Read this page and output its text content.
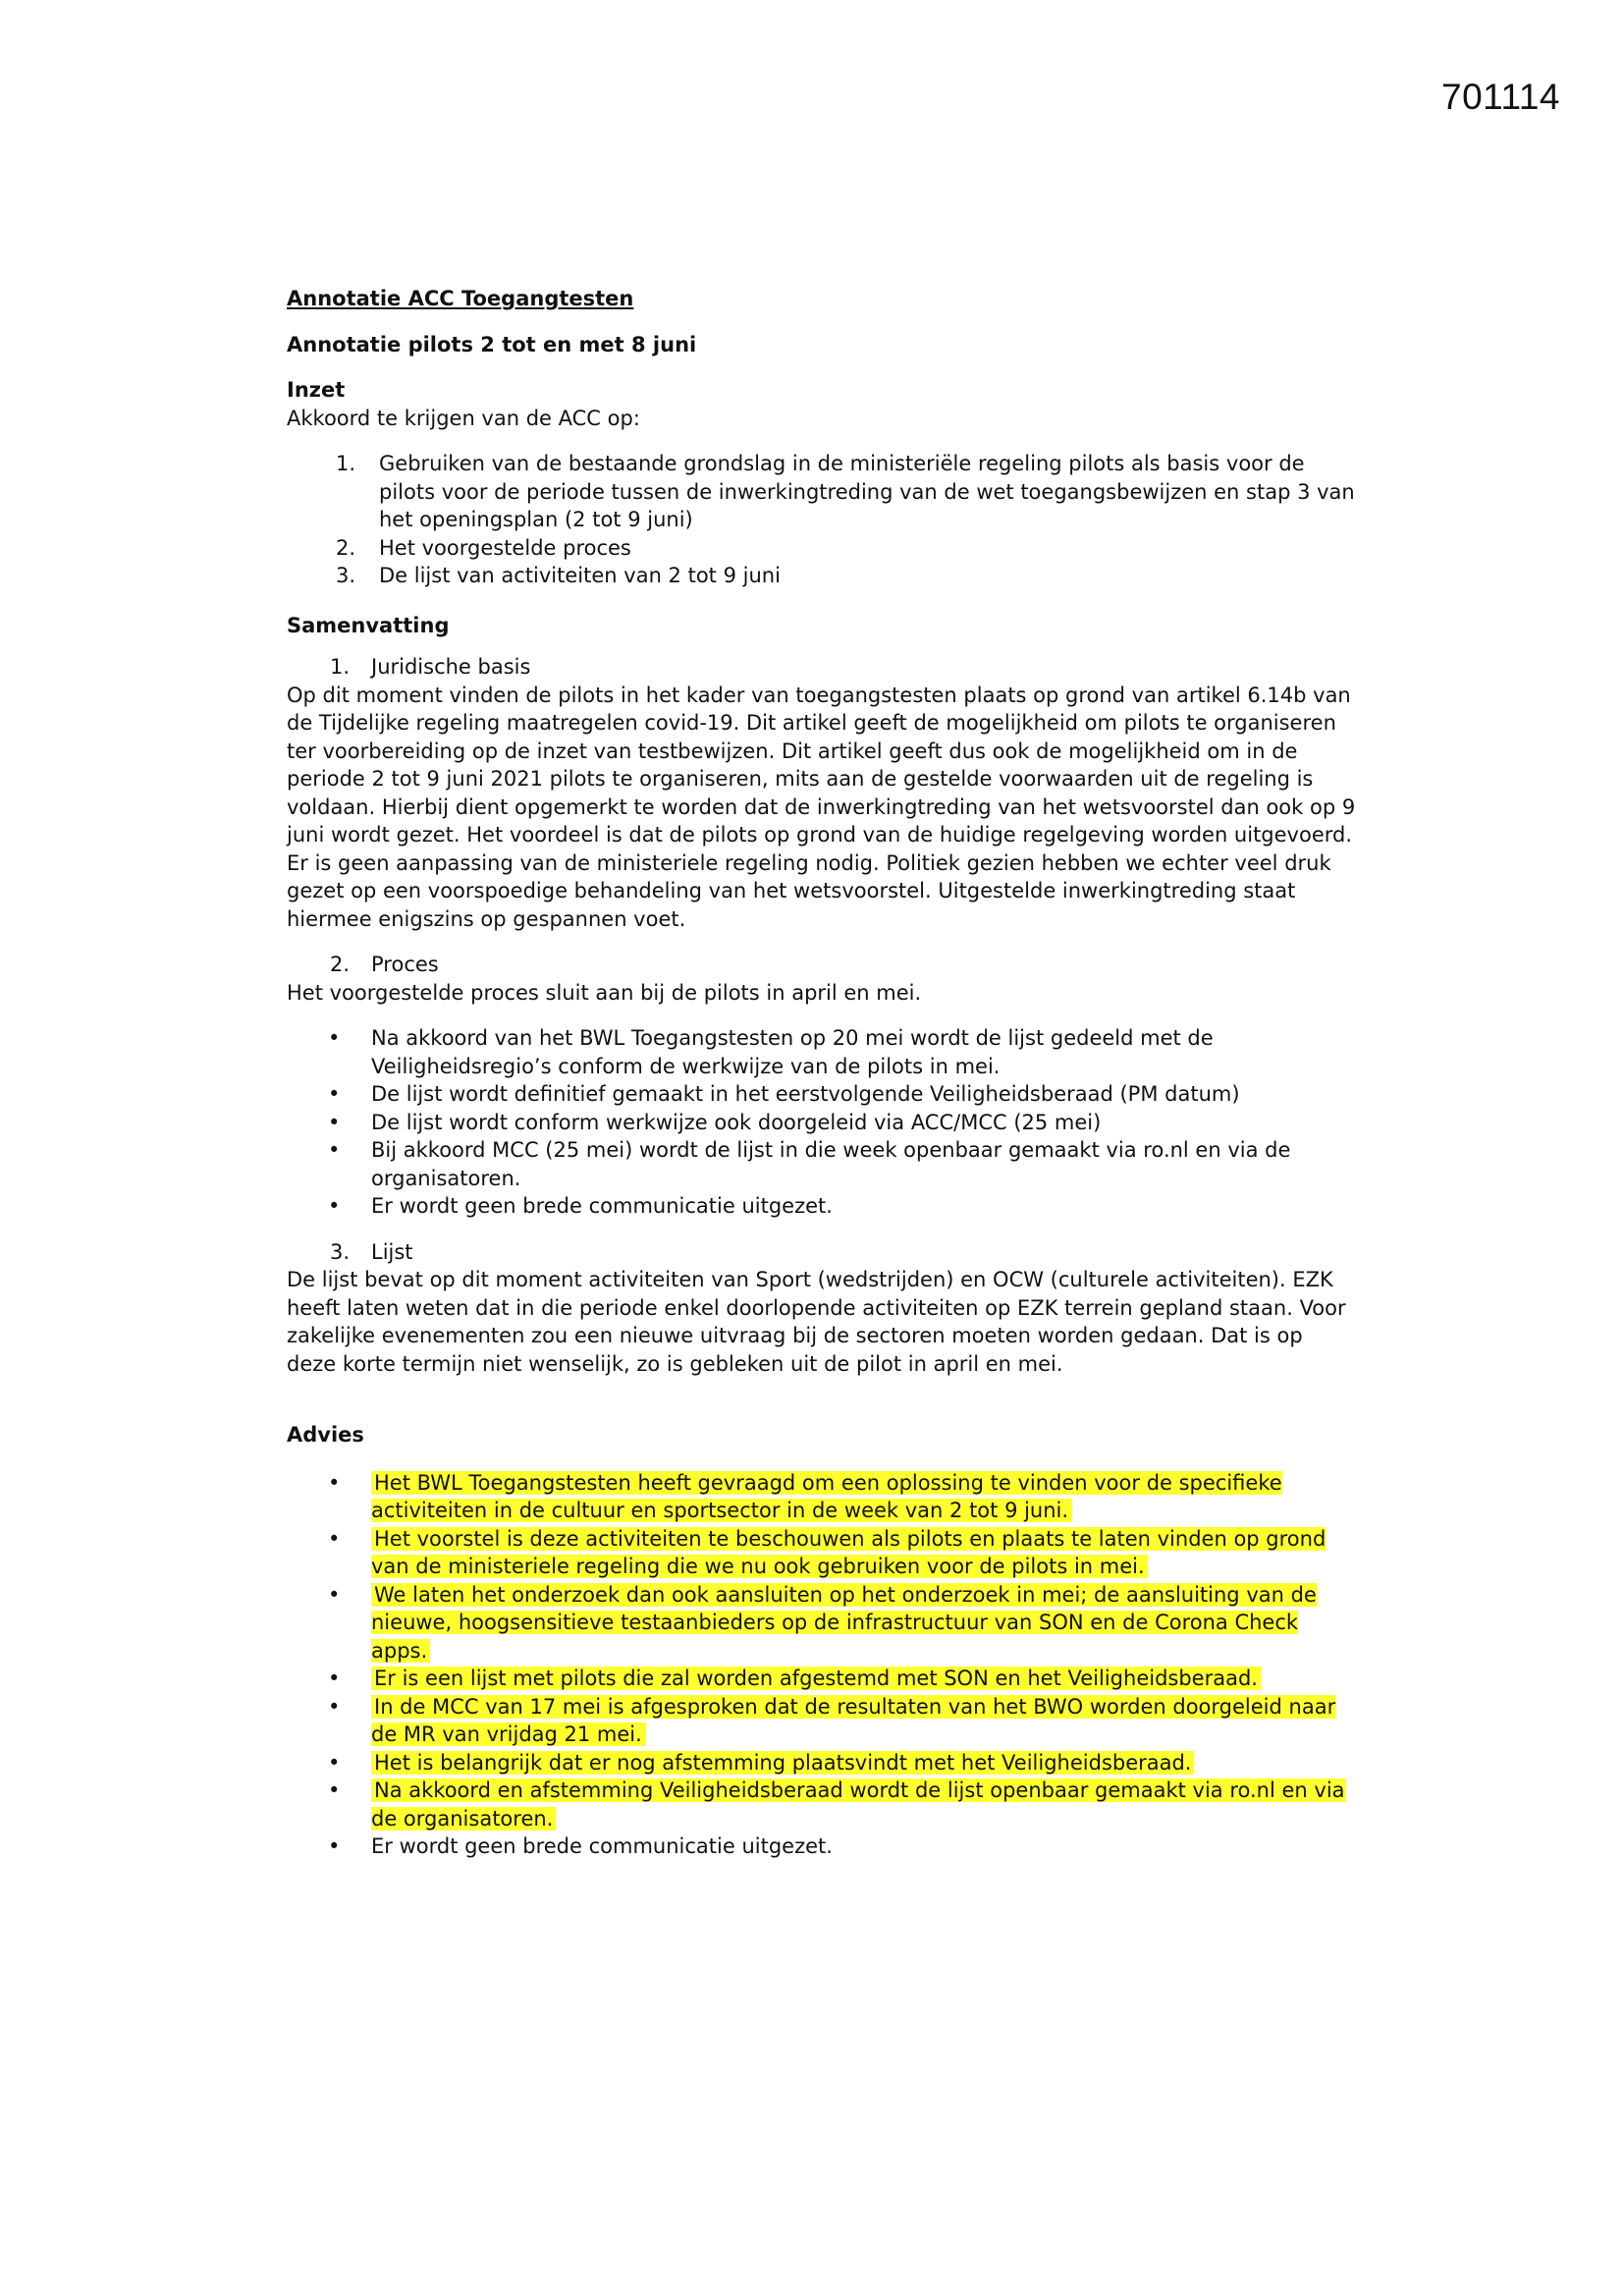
701114
Annotatie ACC Toegangtesten
Annotatie pilots 2 tot en met 8 juni
Inzet

Akkoord te krijgen van de ACC op:

1. Gebruiken van de bestaande grondslag in de ministeriële regeling pilots als basis voor de pilots voor de periode tussen de inwerkingtreding van de wet toegangsbewijzen en stap 3 van het openingsplan (2 tot 9 juni)
2. Het voorgestelde proces
3. De lijst van activiteiten van 2 tot 9 juni
Samenvatting
1. Juridische basis

Op dit moment vinden de pilots in het kader van toegangstesten plaats op grond van artikel 6.14b van de Tijdelijke regeling maatregelen covid-19. Dit artikel geeft de mogelijkheid om pilots te organiseren ter voorbereiding op de inzet van testbewijzen. Dit artikel geeft dus ook de mogelijkheid om in de periode 2 tot 9 juni 2021 pilots te organiseren, mits aan de gestelde voorwaarden uit de regeling is voldaan. Hierbij dient opgemerkt te worden dat de inwerkingtreding van het wetsvoorstel dan ook op 9 juni wordt gezet. Het voordeel is dat de pilots op grond van de huidige regelgeving worden uitgevoerd. Er is geen aanpassing van de ministeriele regeling nodig. Politiek gezien hebben we echter veel druk gezet op een voorspoedige behandeling van het wetsvoorstel. Uitgestelde inwerkingtreding staat hiermee enigszins op gespannen voet.

2. Proces

Het voorgestelde proces sluit aan bij de pilots in april en mei.

• Na akkoord van het BWL Toegangstesten op 20 mei wordt de lijst gedeeld met de Veiligheidsregio’s conform de werkwijze van de pilots in mei.
• De lijst wordt definitief gemaakt in het eerstvolgende Veiligheidsberaad (PM datum)
• De lijst wordt conform werkwijze ook doorgeleid via ACC/MCC (25 mei)
• Bij akkoord MCC (25 mei) wordt de lijst in die week openbaar gemaakt via ro.nl en via de organisatoren.
• Er wordt geen brede communicatie uitgezet.
3. Lijst

De lijst bevat op dit moment activiteiten van Sport (wedstrijden) en OCW (culturele activiteiten). EZK heeft laten weten dat in die periode enkel doorlopende activiteiten op EZK terrein gepland staan. Voor zakelijke evenementen zou een nieuwe uitvraag bij de sectoren moeten worden gedaan. Dat is op deze korte termijn niet wenselijk, zo is gebleken uit de pilot in april en mei.

Advies
• Het BWL Toegangstesten heeft gevraagd om een oplossing te vinden voor de specifieke activiteiten in de cultuur en sportsector in de week van 2 tot 9 juni.
• Het voorstel is deze activiteiten te beschouwen als pilots en plaats te laten vinden op grond van de ministeriele regeling die we nu ook gebruiken voor de pilots in mei.
• We laten het onderzoek dan ook aansluiten op het onderzoek in mei; de aansluiting van de nieuwe, hoogsensitieve testaanbieders op de infrastructuur van SON en de Corona Check apps.
• Er is een lijst met pilots die zal worden afgestemd met SON en het Veiligheidsberaad.
• In de MCC van 17 mei is afgesproken dat de resultaten van het BWO worden doorgeleid naar de MR van vrijdag 21 mei.
• Het is belangrijk dat er nog afstemming plaatsvindt met het Veiligheidsberaad.
• Na akkoord en afstemming Veiligheidsberaad wordt de lijst openbaar gemaakt via ro.nl en via de organisatoren.
• Er wordt geen brede communicatie uitgezet.
